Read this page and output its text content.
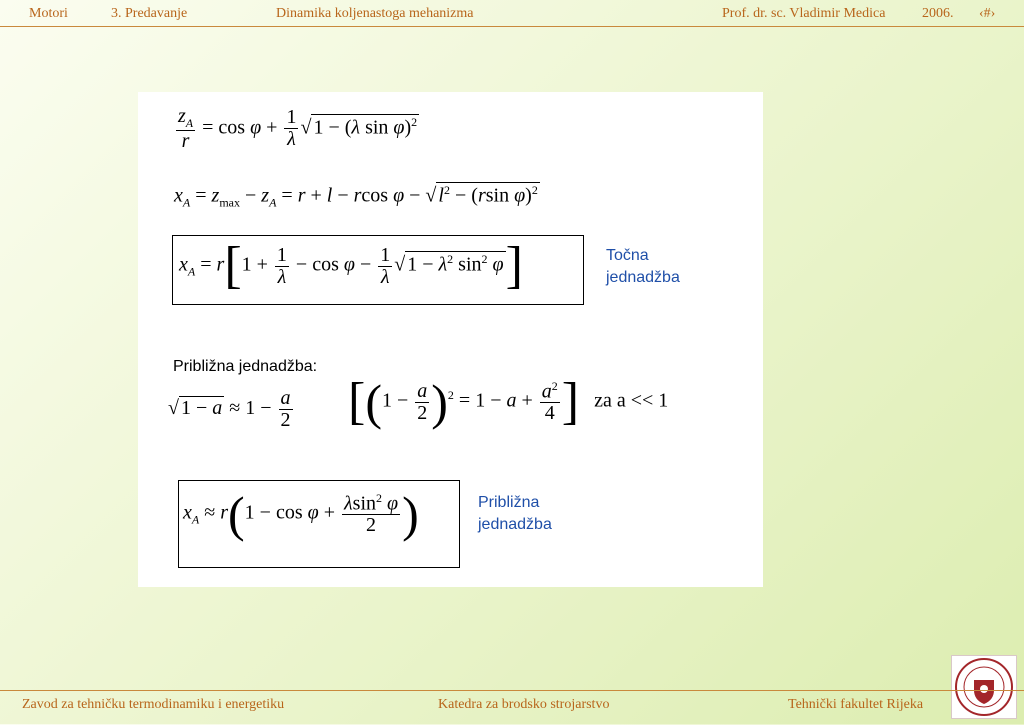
Motori	3. Predavanje	Dinamika koljenastoga mehanizma	Prof. dr. sc. Vladimir Medica	2006. ‹#›
$\frac{z_A}{r} = \cos \varphi + \frac{1}{\lambda}$ √ 1 − (λ sin φ)$^2$
$x_A = z_{max} - z_A = r + l - rcos$ φ − √ $l^2 - (rsin$ φ)$^2$
$x_A = r[1 + \frac{1}{\lambda} - \cos \varphi - \frac{1}{\lambda}$ √ $1 - \lambda^2$ $\sin^2 \varphi$]	Točna jednadžba
Približna jednadžba:
√ $1 - a \approx 1 - \frac{a}{2} [(1 - \frac{a}{2} )^2 = 1 - a + \frac{a^2}{4}$ ] za a << 1
$x_A \approx r(1 - \cos \varphi + \frac{\lambda\sin^2 \varphi}{2}$ )	Približna jednadžba
Zavod za tehničku termodinamiku i energetiku	Katedra za brodsko strojarstvo	Tehnički fakultet Rijeka
